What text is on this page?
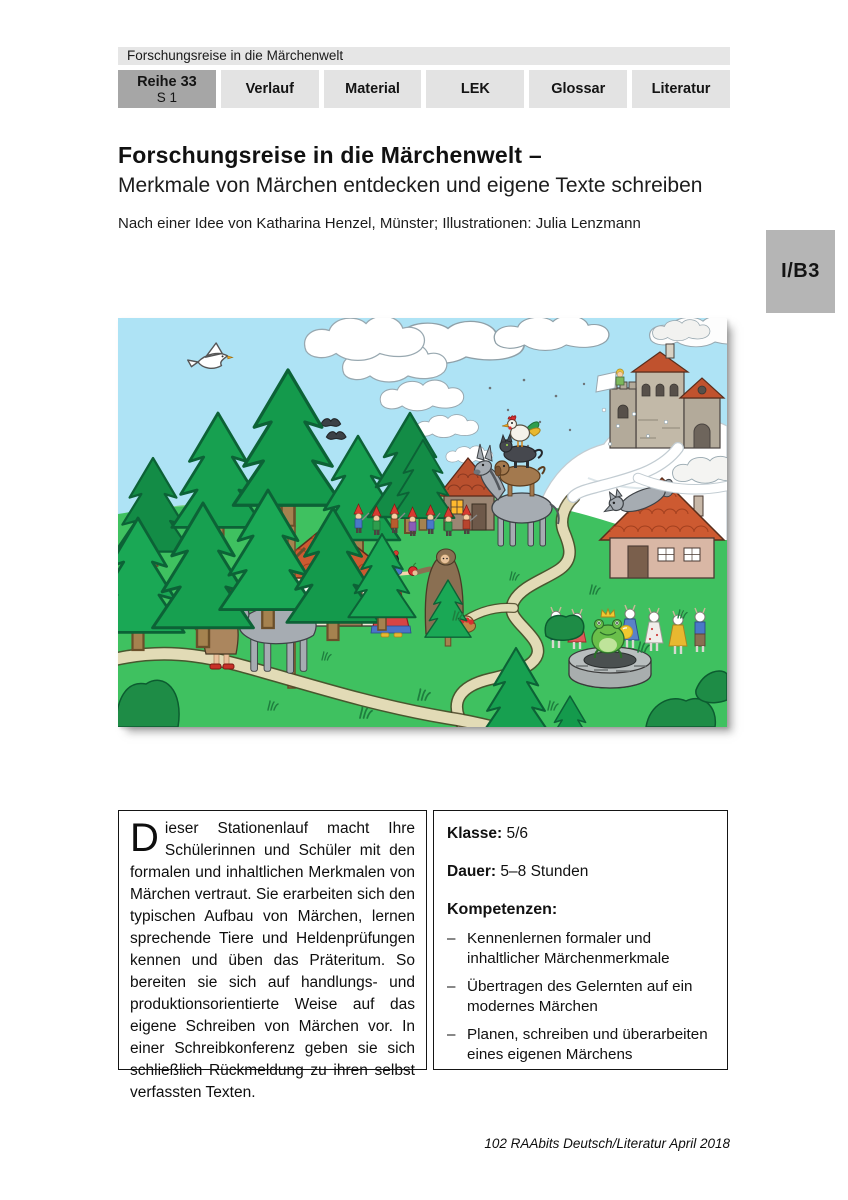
Forschungsreise in die Märchenwelt
Reihe 33
S 1	Verlauf	Material	LEK	Glossar	Literatur
Forschungsreise in die Märchenwelt –
Merkmale von Märchen entdecken und eigene Texte schreiben
Nach einer Idee von Katharina Henzel, Münster; Illustrationen: Julia Lenzmann
I/B3

Dieser Stationenlauf macht Ihre Schülerinnen und Schüler mit den formalen und inhaltlichen Merkmalen von Märchen vertraut. Sie erarbeiten sich den typischen Aufbau von Märchen, lernen sprechende Tiere und Heldenprüfungen kennen und üben das Präteritum. So bereiten sie sich auf handlungs- und produktionsorientierte Weise auf das eigene Schreiben von Märchen vor. In einer Schreibkonferenz geben sie sich schließlich Rückmeldung zu ihren selbst verfassten Texten.

Klasse: 5/6
Dauer: 5–8 Stunden
Kompetenzen:
– Kennenlernen formaler und inhaltlicher Märchenmerkmale
– Übertragen des Gelernten auf ein modernes Märchen
– Planen, schreiben und überarbeiten eines eigenen Märchens
102 RAAbits Deutsch/Literatur April 2018
